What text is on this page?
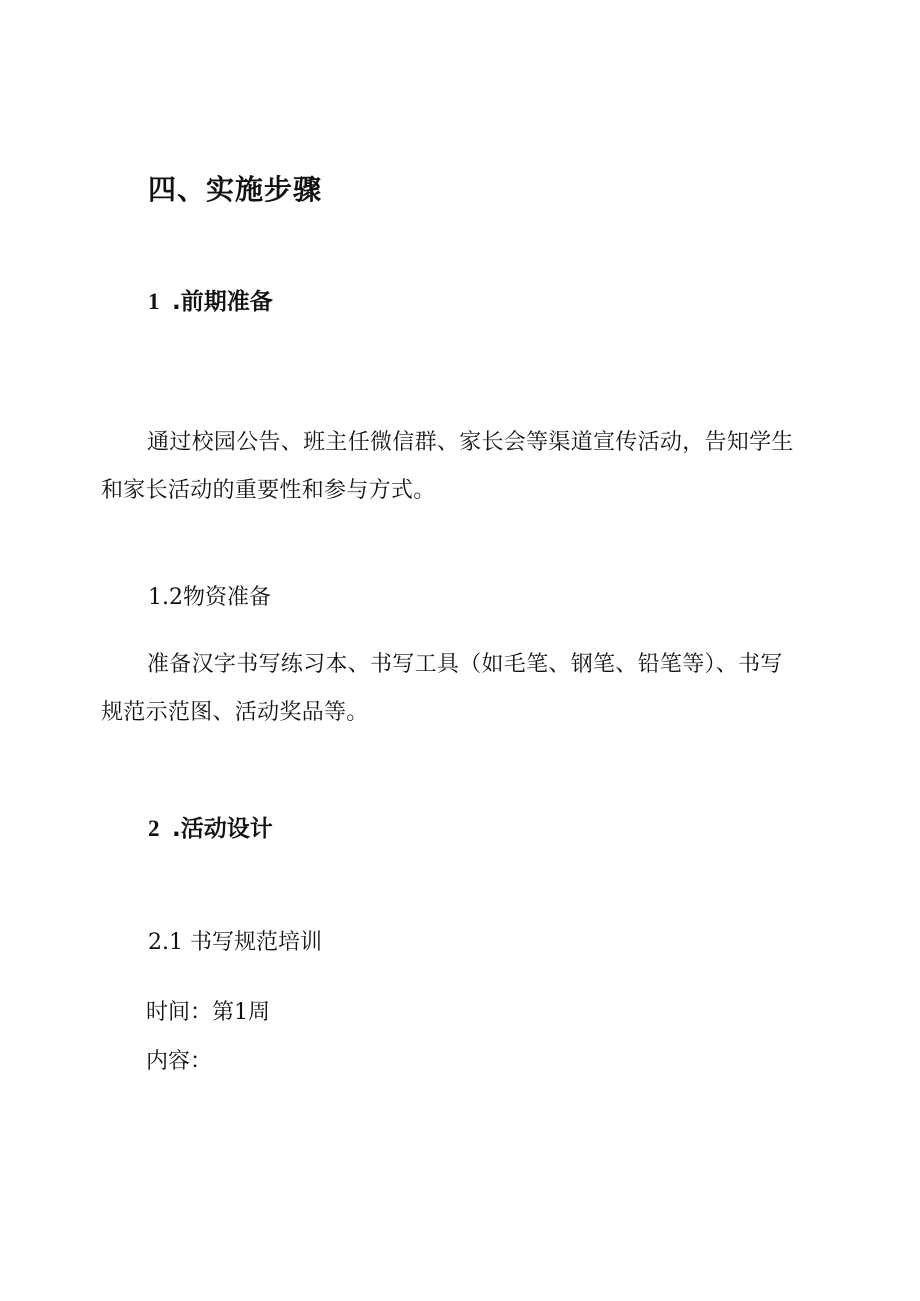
四、实施步骤
1 .前期准备

通过校园公告、班主任微信群、家长会等渠道宣传活动，告知学生和家长活动的重要性和参与方式。

1.2物资准备

准备汉字书写练习本、书写工具（如毛笔、钢笔、铅笔等）、书写规范示范图、活动奖品等。

2 .活动设计
2.1 书写规范培训
时间：第1周
内容：
